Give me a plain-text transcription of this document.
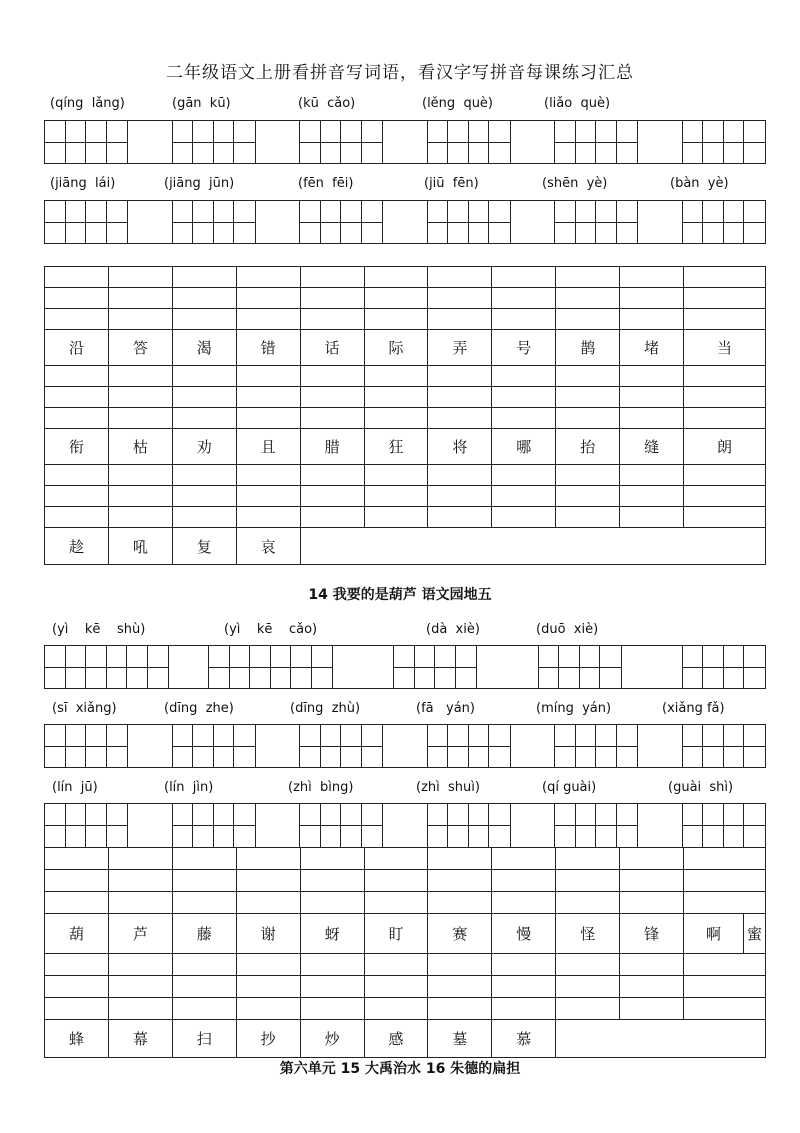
二年级语文上册看拼音写词语，看汉字写拼音每课练习汇总
(qíng  lǎng)	(gān  kū)	(kū  cǎo)	(lěng  què)	(liǎo  què)
(jiāng  lái)	(jiāng  jūn)	(fēn  fēi)	(jiū  fēn)	(shēn  yè)	(bàn  yè)

沿	答	渴	错	话	际	弄	号	鹊	堵	当

衔	枯	劝	且	腊	狂	将	哪	抬	缝	朗

趁	吼	复	哀							
14 我要的是葫芦 语文园地五
(yì    kē    shù)	(yì    kē    cǎo)	(dà  xiè)	(duō  xiè)
(sī  xiǎng)	(dīng  zhe)	(dīng  zhù)	(fā   yán)	(míng  yán)	(xiǎng fǎ)
(lín  jū)	(lín  jìn)	(zhì  bìng)	(zhì  shuì)	(qí guài)	(guài  shì)

葫	芦	藤	谢	蚜	盯	赛	慢	怪	锋	啊	蜜

蜂	幕	扫	抄	炒	感	墓	慕				
第六单元 15 大禹治水 16 朱德的扁担
